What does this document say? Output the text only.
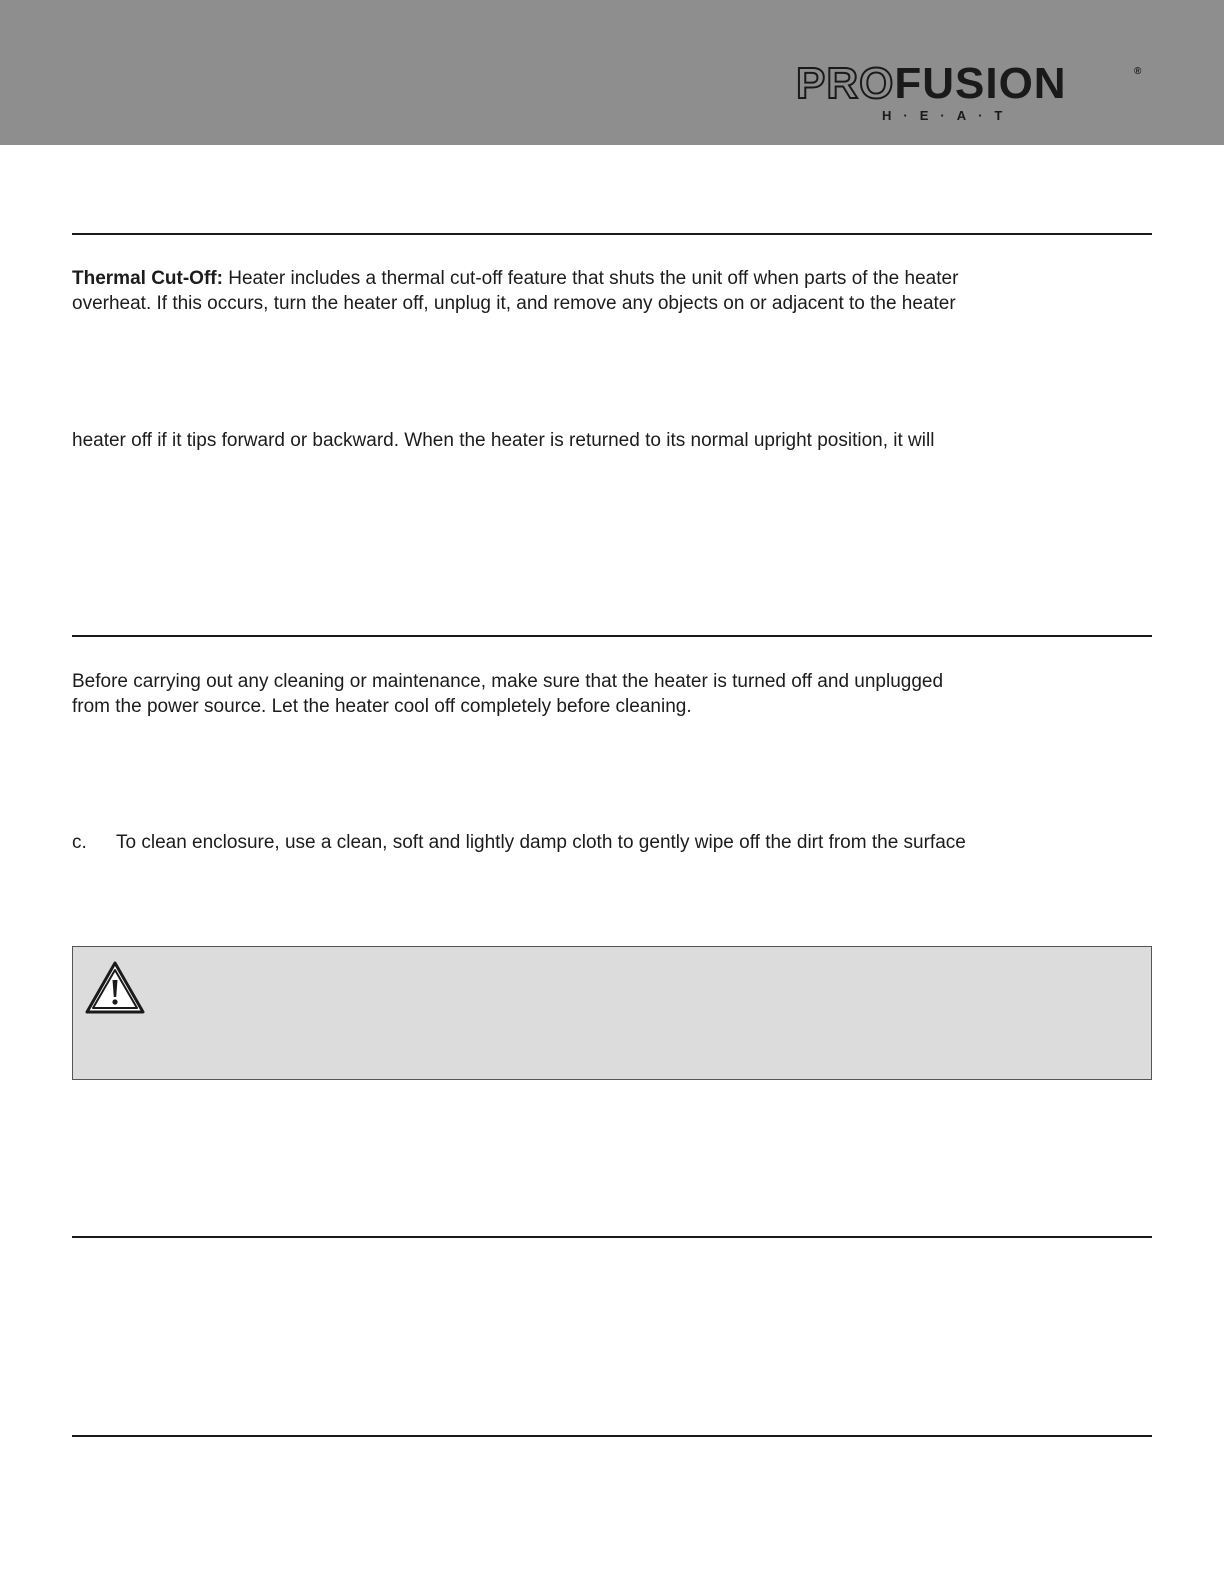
PROFUSION	®
H·E·A·T
Thermal Cut-Off: Heater includes a thermal cut-off feature that shuts the unit off when parts of the heater
overheat. If this occurs, turn the heater off, unplug it, and remove any objects on or adjacent to the heater
heater off if it tips forward or backward. When the heater is returned to its normal upright position, it will
Before carrying out any cleaning or maintenance, make sure that the heater is turned off and unplugged
from the power source. Let the heater cool off completely before cleaning.
c. To clean enclosure, use a clean, soft and lightly damp cloth to gently wipe off the dirt from the surface
